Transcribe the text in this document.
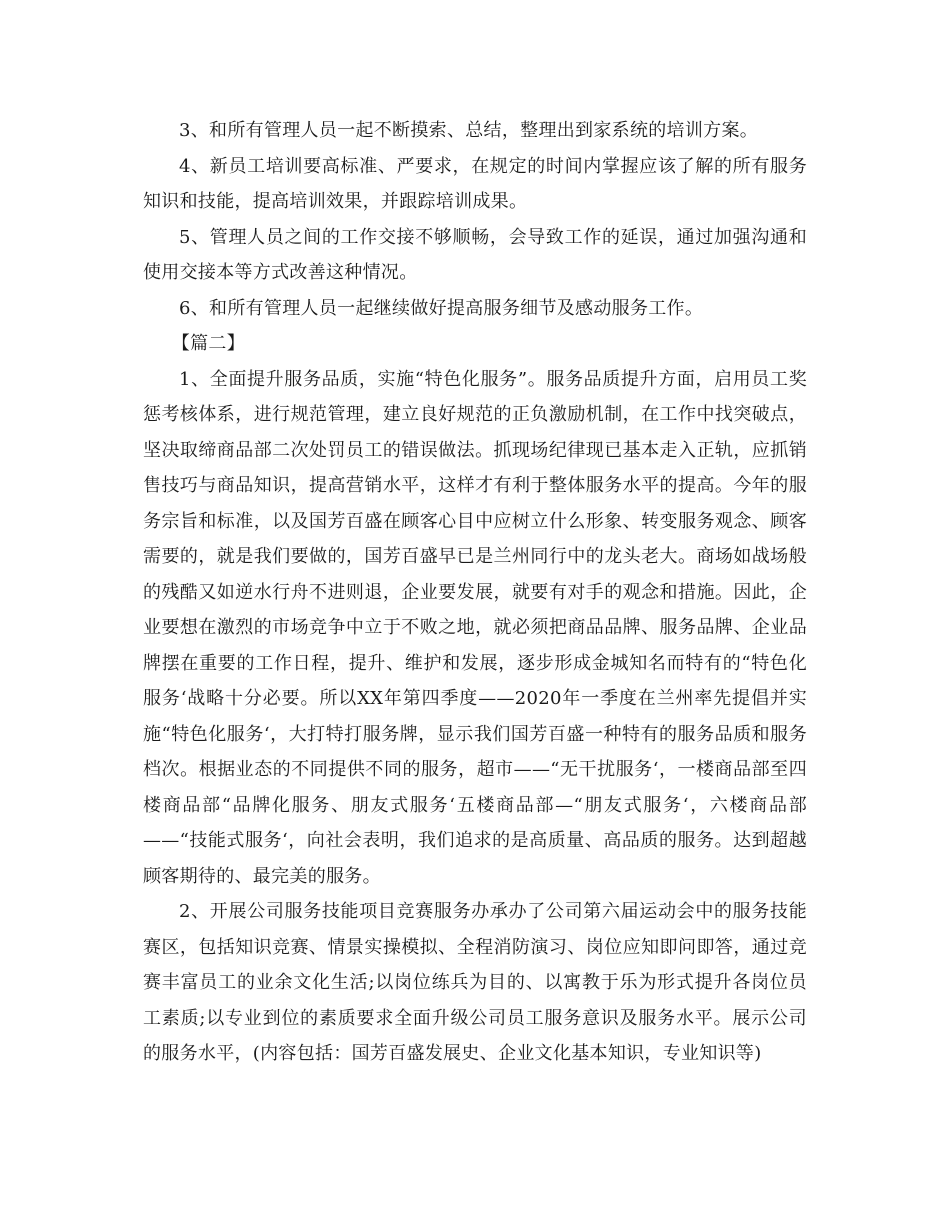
3、和所有管理人员一起不断摸索、总结，整理出到家系统的培训方案。

4、新员工培训要高标准、严要求，在规定的时间内掌握应该了解的所有服务知识和技能，提高培训效果，并跟踪培训成果。

5、管理人员之间的工作交接不够顺畅，会导致工作的延误，通过加强沟通和使用交接本等方式改善这种情况。

6、和所有管理人员一起继续做好提高服务细节及感动服务工作。

【篇二】

1、全面提升服务品质，实施“特色化服务”。服务品质提升方面，启用员工奖惩考核体系，进行规范管理，建立良好规范的正负激励机制，在工作中找突破点，坚决取缔商品部二次处罚员工的错误做法。抓现场纪律现已基本走入正轨，应抓销售技巧与商品知识，提高营销水平，这样才有利于整体服务水平的提高。今年的服务宗旨和标准，以及国芳百盛在顾客心目中应树立什么形象、转变服务观念、顾客需要的，就是我们要做的，国芳百盛早已是兰州同行中的龙头老大。商场如战场般的残酷又如逆水行舟不进则退，企业要发展，就要有对手的观念和措施。因此，企业要想在激烈的市场竞争中立于不败之地，就必须把商品品牌、服务品牌、企业品牌摆在重要的工作日程，提升、维护和发展，逐步形成金城知名而特有的“特色化服务‘战略十分必要。所以XX年第四季度——2020年一季度在兰州率先提倡并实施“特色化服务‘，大打特打服务牌，显示我们国芳百盛一种特有的服务品质和服务档次。根据业态的不同提供不同的服务，超市——“无干扰服务‘，一楼商品部至四楼商品部“品牌化服务、朋友式服务‘五楼商品部—“朋友式服务‘，六楼商品部——“技能式服务‘，向社会表明，我们追求的是高质量、高品质的服务。达到超越顾客期待的、最完美的服务。

2、开展公司服务技能项目竞赛服务办承办了公司第六届运动会中的服务技能赛区，包括知识竞赛、情景实操模拟、全程消防演习、岗位应知即问即答，通过竞赛丰富员工的业余文化生活;以岗位练兵为目的、以寓教于乐为形式提升各岗位员工素质;以专业到位的素质要求全面升级公司员工服务意识及服务水平。展示公司的服务水平，(内容包括：国芳百盛发展史、企业文化基本知识，专业知识等)
